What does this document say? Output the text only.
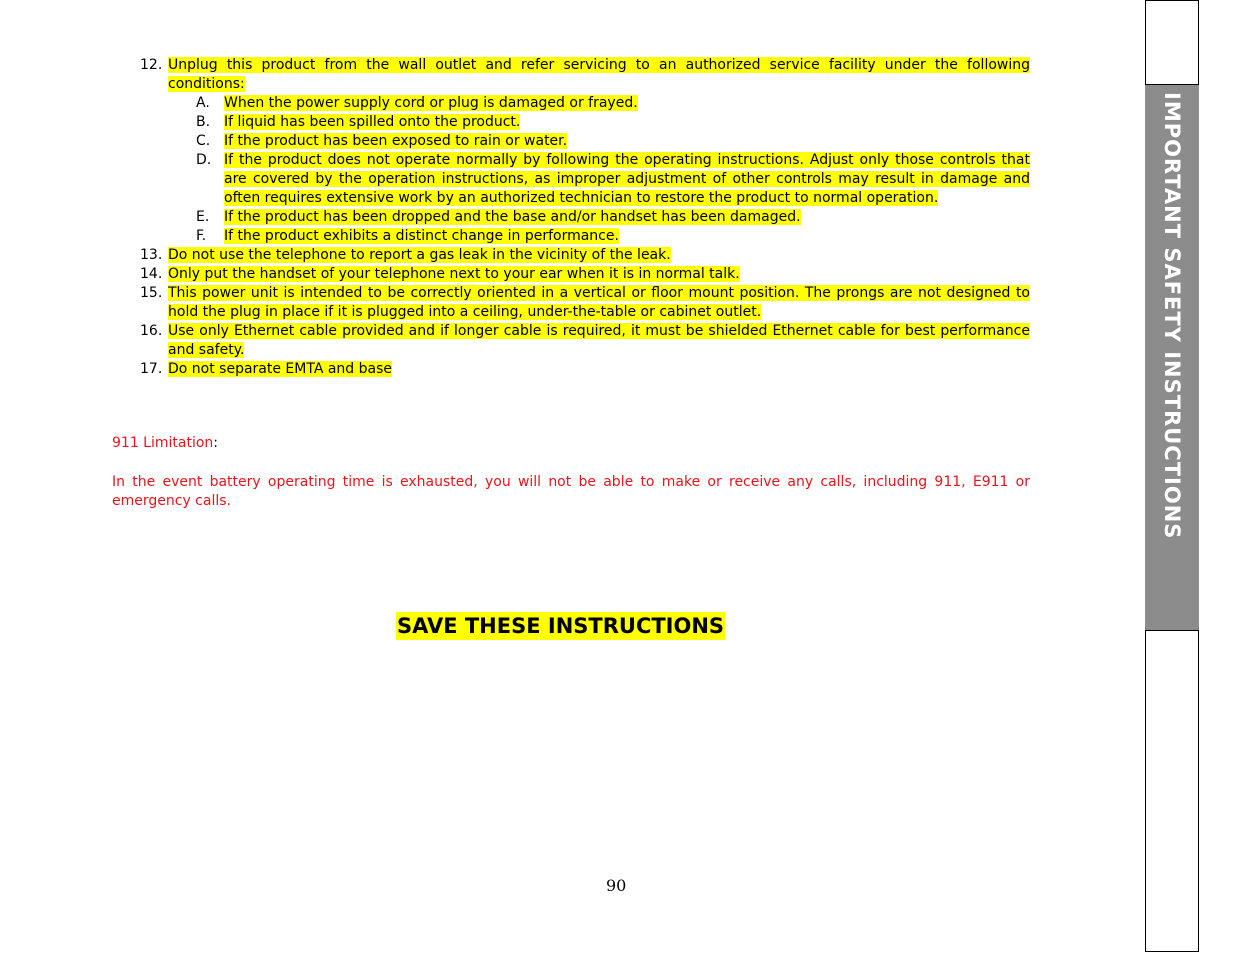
12. Unplug this product from the wall outlet and refer servicing to an authorized service facility under the following conditions:
A. When the power supply cord or plug is damaged or frayed.
B. If liquid has been spilled onto the product.
C. If the product has been exposed to rain or water.
D. If the product does not operate normally by following the operating instructions. Adjust only those controls that are covered by the operation instructions, as improper adjustment of other controls may result in damage and often requires extensive work by an authorized technician to restore the product to normal operation.
E. If the product has been dropped and the base and/or handset has been damaged.
F. If the product exhibits a distinct change in performance.
13. Do not use the telephone to report a gas leak in the vicinity of the leak.
14. Only put the handset of your telephone next to your ear when it is in normal talk.
15. This power unit is intended to be correctly oriented in a vertical or floor mount position. The prongs are not designed to hold the plug in place if it is plugged into a ceiling, under-the-table or cabinet outlet.
16. Use only Ethernet cable provided and if longer cable is required, it must be shielded Ethernet cable for best performance and safety.
17. Do not separate EMTA and base
911 Limitation:
In the event battery operating time is exhausted, you will not be able to make or receive any calls, including 911, E911 or emergency calls.
SAVE THESE INSTRUCTIONS
90
IMPORTANT SAFETY INSTRUCTIONS
